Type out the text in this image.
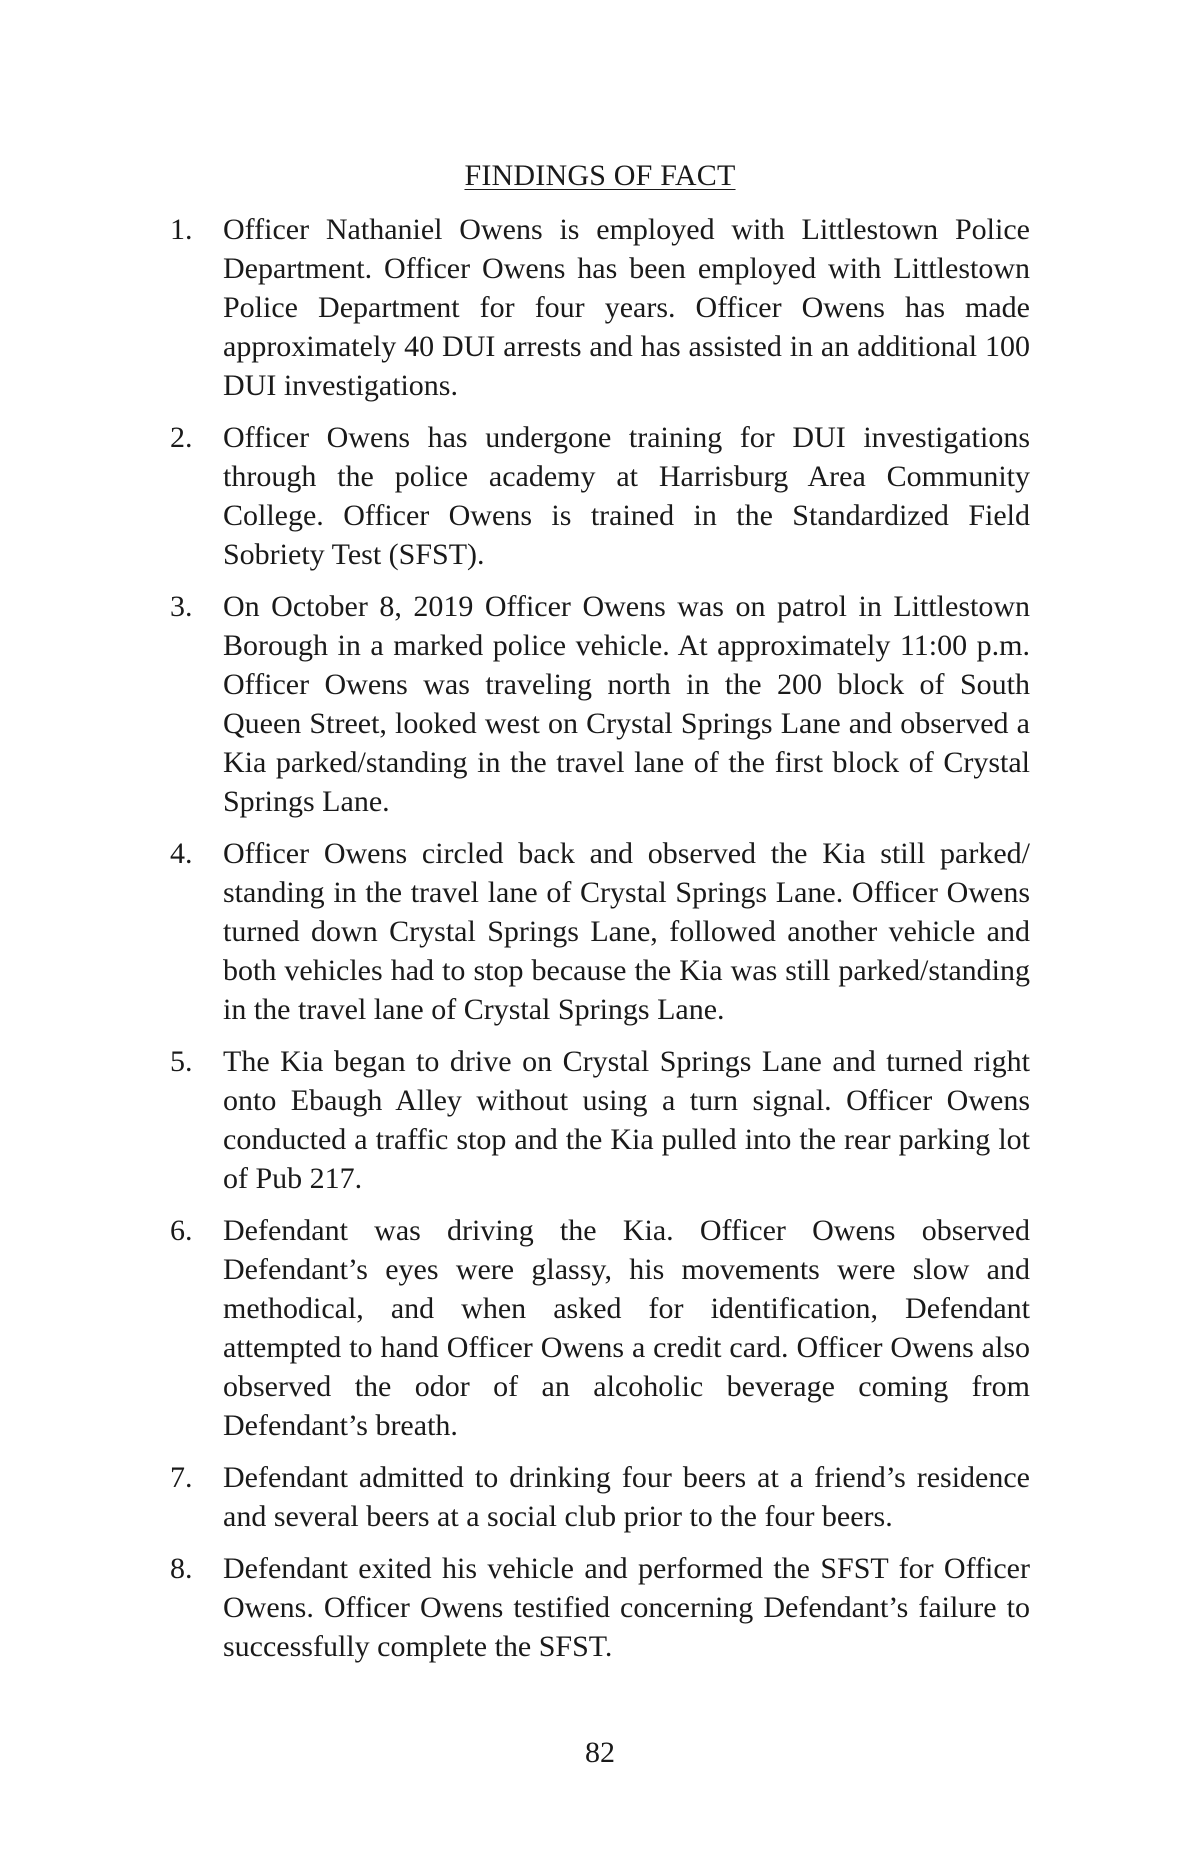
FINDINGS OF FACT
1. Officer Nathaniel Owens is employed with Littlestown Police Department. Officer Owens has been employed with Littlestown Police Department for four years. Officer Owens has made approximately 40 DUI arrests and has assisted in an additional 100 DUI investigations.
2. Officer Owens has undergone training for DUI investigations through the police academy at Harrisburg Area Community College. Officer Owens is trained in the Standardized Field Sobriety Test (SFST).
3. On October 8, 2019 Officer Owens was on patrol in Littlestown Borough in a marked police vehicle. At approximately 11:00 p.m. Officer Owens was traveling north in the 200 block of South Queen Street, looked west on Crystal Springs Lane and observed a Kia parked/standing in the travel lane of the first block of Crystal Springs Lane.
4. Officer Owens circled back and observed the Kia still parked/ standing in the travel lane of Crystal Springs Lane. Officer Owens turned down Crystal Springs Lane, followed another vehicle and both vehicles had to stop because the Kia was still parked/standing in the travel lane of Crystal Springs Lane.
5. The Kia began to drive on Crystal Springs Lane and turned right onto Ebaugh Alley without using a turn signal. Officer Owens conducted a traffic stop and the Kia pulled into the rear parking lot of Pub 217.
6. Defendant was driving the Kia. Officer Owens observed Defendant’s eyes were glassy, his movements were slow and methodical, and when asked for identification, Defendant attempted to hand Officer Owens a credit card. Officer Owens also observed the odor of an alcoholic beverage coming from Defendant’s breath.
7. Defendant admitted to drinking four beers at a friend’s residence and several beers at a social club prior to the four beers.
8. Defendant exited his vehicle and performed the SFST for Officer Owens. Officer Owens testified concerning Defendant’s failure to successfully complete the SFST.
82
